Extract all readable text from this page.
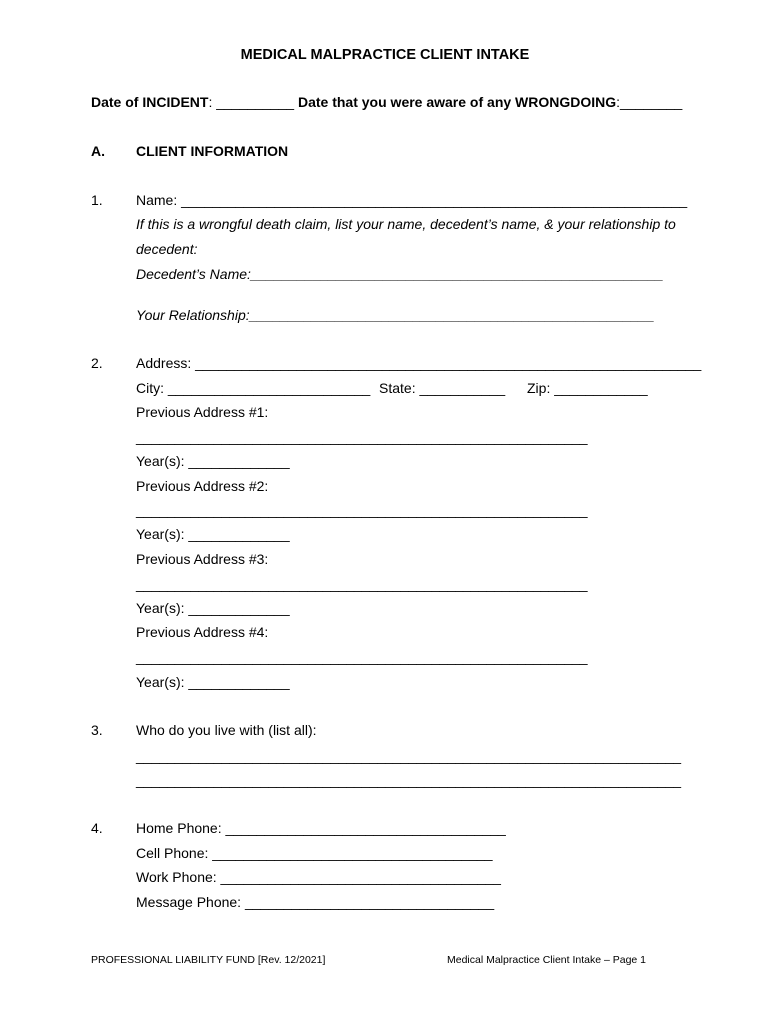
MEDICAL MALPRACTICE CLIENT INTAKE
Date of INCIDENT: __________ Date that you were aware of any WRONGDOING:________
A. CLIENT INFORMATION
1. Name: _________________________________________________________________
If this is a wrongful death claim, list your name, decedent’s name, & your relationship to
decedent:
Decedent’s Name:_____________________________________________________
Your Relationship:____________________________________________________
2. Address: _________________________________________________________________
City: __________________________ State: ___________ Zip: ____________
Previous Address #1:
__________________________________________________________
Year(s): _____________
Previous Address #2:
__________________________________________________________
Year(s): _____________
Previous Address #3:
__________________________________________________________
Year(s): _____________
Previous Address #4:
__________________________________________________________
Year(s): _____________
3. Who do you live with (list all):
______________________________________________________________________
______________________________________________________________________
4. Home Phone: ____________________________________
Cell Phone: ____________________________________
Work Phone: ____________________________________
Message Phone: ________________________________
PROFESSIONAL LIABILITY FUND [Rev. 12/2021]	Medical Malpractice Client Intake – Page 1
